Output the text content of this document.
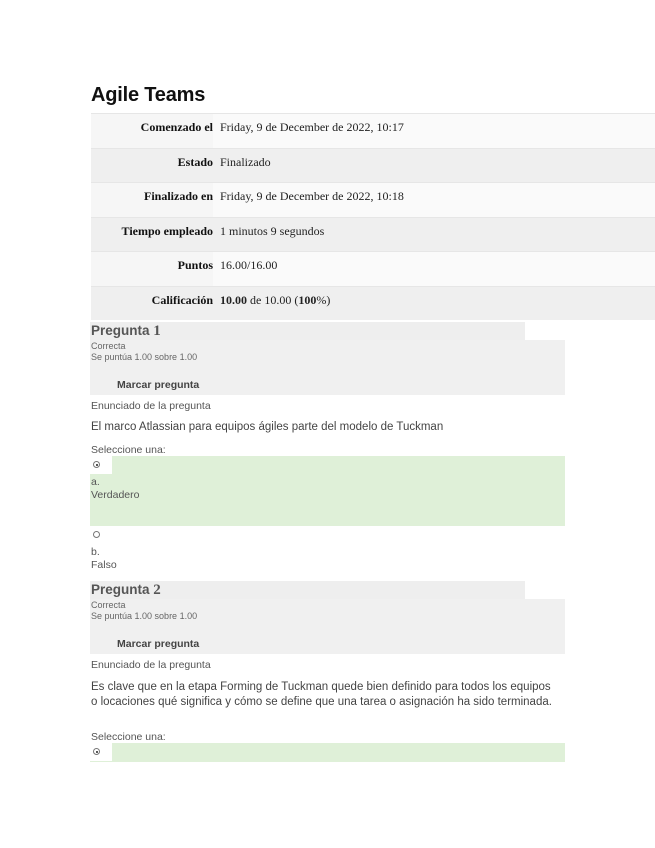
Agile Teams
Comenzado el Friday, 9 de December de 2022, 10:17
Estado Finalizado
Finalizado en Friday, 9 de December de 2022, 10:18
Tiempo empleado 1 minutos 9 segundos
Puntos 16.00/16.00
Calificación 10.00 de 10.00 (100%)
Pregunta 1
Correcta
Se puntúa 1.00 sobre 1.00
Marcar pregunta
Enunciado de la pregunta
El marco Atlassian para equipos ágiles parte del modelo de Tuckman
Seleccione una:
a.
Verdadero
b.
Falso
Pregunta 2
Correcta
Se puntúa 1.00 sobre 1.00
Marcar pregunta
Enunciado de la pregunta
Es clave que en la etapa Forming de Tuckman quede bien definido para todos los equipos o locaciones qué significa y cómo se define que una tarea o asignación ha sido terminada.
Seleccione una:
